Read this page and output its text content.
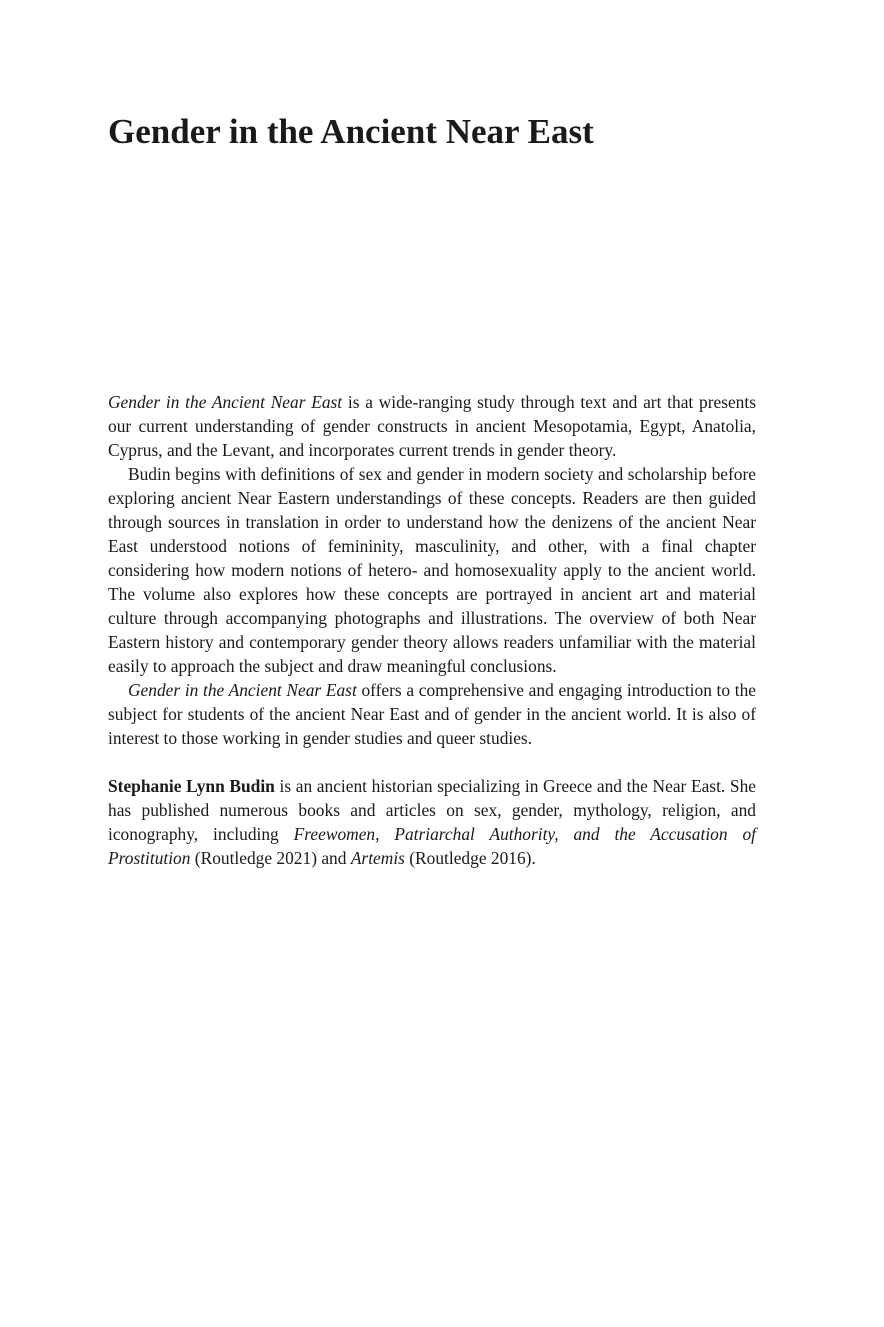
Gender in the Ancient Near East

Gender in the Ancient Near East is a wide-ranging study through text and art that presents our current understanding of gender constructs in ancient Mesopotamia, Egypt, Anatolia, Cyprus, and the Levant, and incorporates current trends in gender theory.

Budin begins with definitions of sex and gender in modern society and scholarship before exploring ancient Near Eastern understandings of these concepts. Readers are then guided through sources in translation in order to understand how the denizens of the ancient Near East understood notions of femininity, masculinity, and other, with a final chapter considering how modern notions of hetero- and homosexuality apply to the ancient world. The volume also explores how these concepts are portrayed in ancient art and material culture through accompanying photographs and illustrations. The overview of both Near Eastern history and contemporary gender theory allows readers unfamiliar with the material easily to approach the subject and draw meaningful conclusions.

Gender in the Ancient Near East offers a comprehensive and engaging introduction to the subject for students of the ancient Near East and of gender in the ancient world. It is also of interest to those working in gender studies and queer studies.

Stephanie Lynn Budin is an ancient historian specializing in Greece and the Near East. She has published numerous books and articles on sex, gender, mythology, religion, and iconography, including Freewomen, Patriarchal Authority, and the Accusation of Prostitution (Routledge 2021) and Artemis (Routledge 2016).
